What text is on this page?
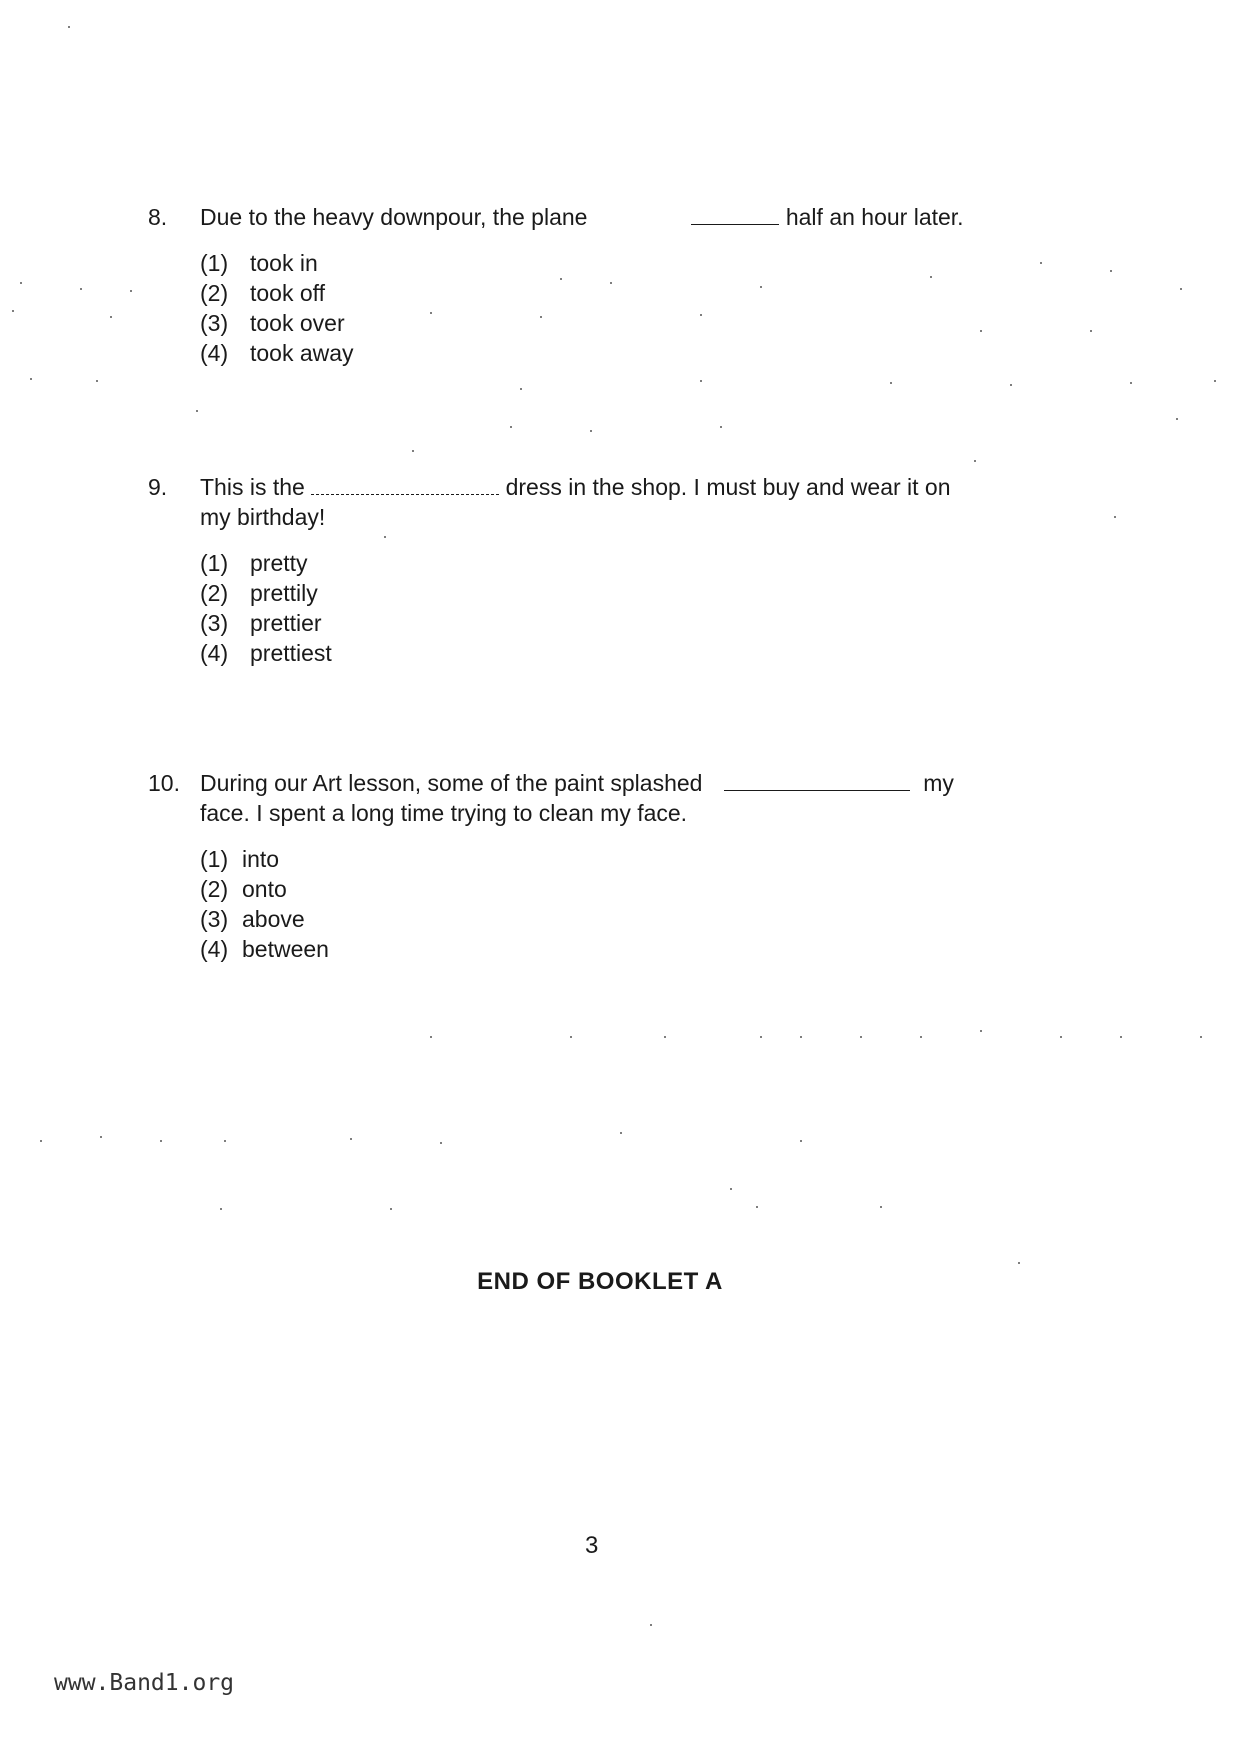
8.	Due to the heavy downpour, the plane	half an hour later.
(1) took in
(2) took off
(3) took over
(4) took away
9.	This is the	dress in the shop. I must buy and wear it on
my birthday!
(1) pretty
(2) prettily
(3) prettier
(4) prettiest
10. During our Art lesson, some of the paint splashed	my
face. I spent a long time trying to clean my face.
(1) into
(2) onto
(3) above
(4) between
END OF BOOKLET A
3
www.Band1.org
